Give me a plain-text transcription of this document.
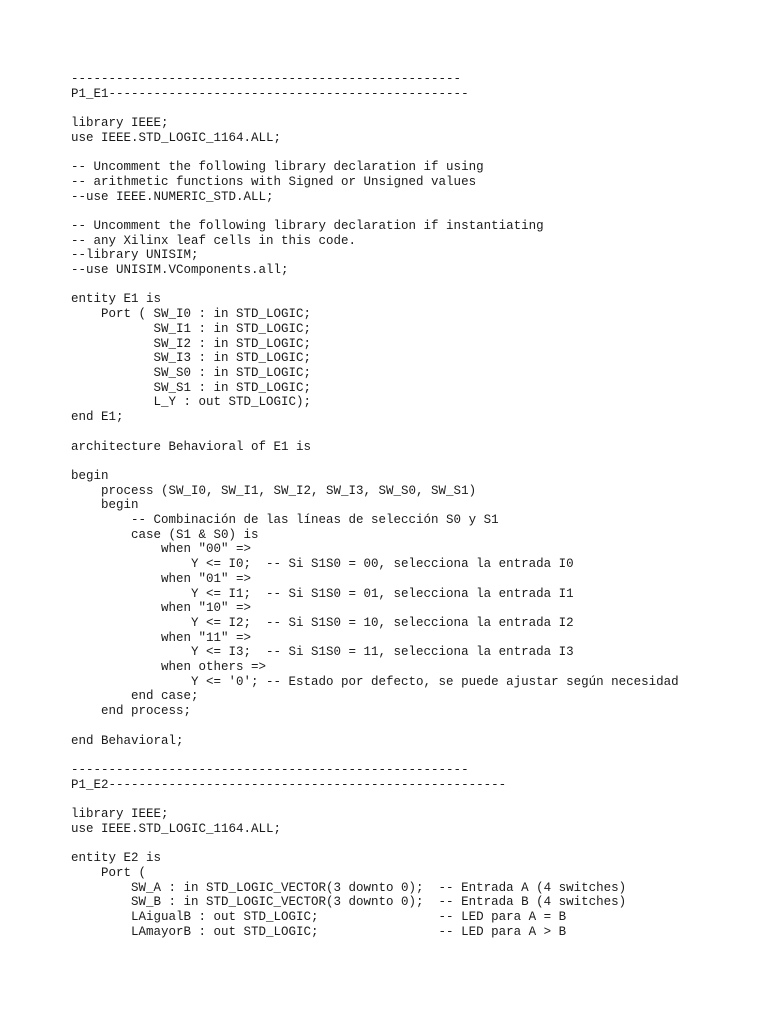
----------------------------------------------------
P1_E1------------------------------------------------
library IEEE;
use IEEE.STD_LOGIC_1164.ALL;
-- Uncomment the following library declaration if using
-- arithmetic functions with Signed or Unsigned values
--use IEEE.NUMERIC_STD.ALL;
-- Uncomment the following library declaration if instantiating
-- any Xilinx leaf cells in this code.
--library UNISIM;
--use UNISIM.VComponents.all;
entity E1 is
Port ( SW_I0 : in STD_LOGIC;
SW_I1 : in STD_LOGIC;
SW_I2 : in STD_LOGIC;
SW_I3 : in STD_LOGIC;
SW_S0 : in STD_LOGIC;
SW_S1 : in STD_LOGIC;
L_Y : out STD_LOGIC);
end E1;
architecture Behavioral of E1 is
begin
process (SW_I0, SW_I1, SW_I2, SW_I3, SW_S0, SW_S1)
begin
-- Combinación de las líneas de selección S0 y S1
case (S1 & S0) is
when "00" =>
Y <= I0;  -- Si S1S0 = 00, selecciona la entrada I0
when "01" =>
Y <= I1;  -- Si S1S0 = 01, selecciona la entrada I1
when "10" =>
Y <= I2;  -- Si S1S0 = 10, selecciona la entrada I2
when "11" =>
Y <= I3;  -- Si S1S0 = 11, selecciona la entrada I3
when others =>
Y <= '0'; -- Estado por defecto, se puede ajustar según necesidad
end case;
end process;
end Behavioral;
-----------------------------------------------------
P1_E2-----------------------------------------------------
library IEEE;
use IEEE.STD_LOGIC_1164.ALL;
entity E2 is
Port (
SW_A : in STD_LOGIC_VECTOR(3 downto 0);  -- Entrada A (4 switches)
SW_B : in STD_LOGIC_VECTOR(3 downto 0);  -- Entrada B (4 switches)
LAigualB : out STD_LOGIC;                -- LED para A = B
LAmayorB : out STD_LOGIC;                -- LED para A > B
